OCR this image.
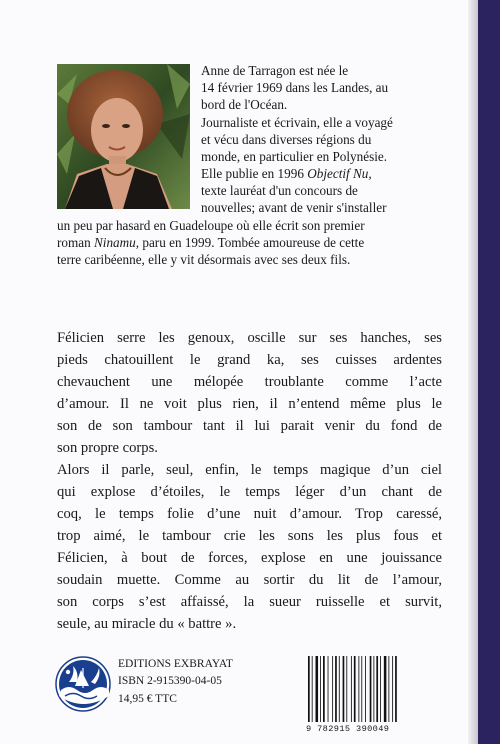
Anne de Tarragon est née le

14 février 1969 dans les Landes, au

bord de l'Océan.

Journaliste et écrivain, elle a voyagé

et vécu dans diverses régions du

monde, en particulier en Polynésie.

Elle publie en 1996 Objectif Nu,

texte lauréat d'un concours de

nouvelles; avant de venir s'installer

un peu par hasard en Guadeloupe où elle écrit son premier

roman Ninamu, paru en 1999. Tombée amoureuse de cette

terre caribéenne, elle y vit désormais avec ses deux fils.

Félicien serre les genoux, oscille sur ses hanches, ses

pieds chatouillent le grand ka, ses cuisses ardentes

chevauchent une mélopée troublante comme l’acte

d’amour. Il ne voit plus rien, il n’entend même plus le

son de son tambour tant il lui parait venir du fond de

son propre corps.

Alors il parle, seul, enfin, le temps magique d’un ciel

qui explose d’étoiles, le temps léger d’un chant de

coq, le temps folie d’une nuit d’amour. Trop caressé,

trop aimé, le tambour crie les sons les plus fous et

Félicien, à bout de forces, explose en une jouissance

soudain muette. Comme au sortir du lit de l’amour,

son corps s’est affaissé, la sueur ruisselle et survit,

seule, au miracle du « battre ».

EDITIONS EXBRAYAT

ISBN 2-915390-04-05

14,95 € TTC

9 782915 390049
